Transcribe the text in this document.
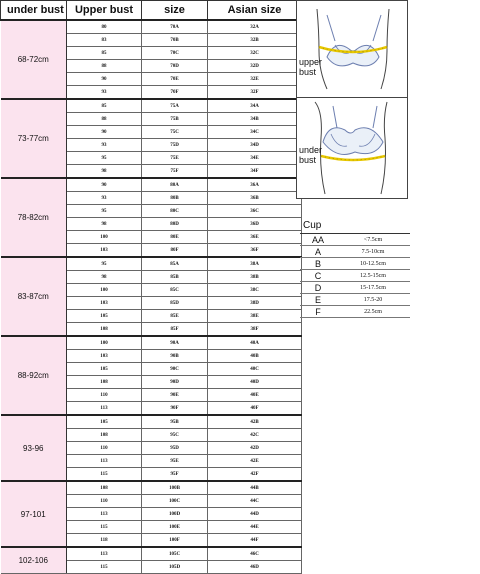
under bust	Upper bust	size	Asian size
68-72cm	80	70A	32A
	83	70B	32B
	85	70C	32C
	88	70D	32D
	90	70E	32E
	93	70F	32F
73-77cm	85	75A	34A
	88	75B	34B
	90	75C	34C
	93	75D	34D
	95	75E	34E
	98	75F	34F
78-82cm	90	80A	36A
	93	80B	36B
	95	80C	36C
	98	80D	36D
	100	80E	36E
	103	80F	36F
83-87cm	95	85A	38A
	98	85B	38B
	100	85C	38C
	103	85D	38D
	105	85E	38E
	108	85F	38F
88-92cm	100	90A	40A
	103	90B	40B
	105	90C	40C
	108	90D	40D
	110	90E	40E
	113	90F	40F
93-96	105	95B	42B
	108	95C	42C
	110	95D	42D
	113	95E	42E
	115	95F	42F
97-101	108	100B	44B
	110	100C	44C
	113	100D	44D
	115	100E	44E
	118	100F	44F
102-106	113	105C	46C
	115	105D	46D
upper
bust
under
bust
Cup	
AA	<7.5cm
A	7.5-10cm
B	10-12.5cm
C	12.5-15cm
D	15-17.5cm
E	17.5-20
F	22.5cm
